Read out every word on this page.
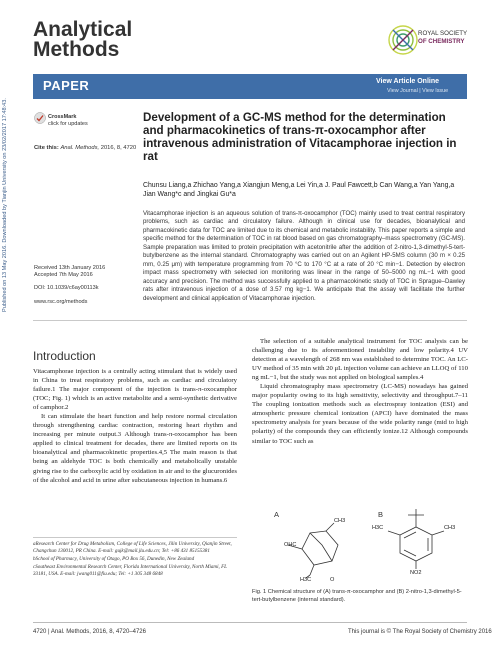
Analytical
Methods
ROYAL SOCIETY
OF CHEMISTRY
PAPER	View Article Online
View Journal | View Issue
Published on 13 May 2016. Downloaded by Tianjin University on 23/02/2017 17:48:43.	CrossMark
click for updates
Cite this: Anal. Methods, 2016, 8, 4720
Development of a GC-MS method for the determination and pharmacokinetics of trans-π-oxocamphor after intravenous administration of Vitacamphorae injection in rat
Chunsu Liang,a Zhichao Yang,a Xiangjun Meng,a Lei Yin,a J. Paul Fawcett,b Can Wang,a Yan Yang,a Jian Wang*c and Jingkai Gu*a
Vitacamphorae injection is an aqueous solution of trans-π-oxocamphor (TOC) mainly used to treat central respiratory problems, such as cardiac and circulatory failure. Although in clinical use for decades, bioanalytical and pharmacokinetic data for TOC are limited due to its chemical and metabolic instability. This paper reports a simple and specific method for the determination of TOC in rat blood based on gas chromatography–mass spectrometry (GC-MS). Sample preparation was limited to protein precipitation with acetonitrile after the addition of 2-nitro-1,3-dimethyl-5-tert-butylbenzene as the internal standard. Chromatography was carried out on an Agilent HP-5MS column (30 m × 0.25 mm, 0.25 μm) with temperature programming from 70 °C to 170 °C at a rate of 20 °C min−1. Detection by electron impact mass spectrometry with selected ion monitoring was linear in the range of 50–5000 ng mL−1 with good accuracy and precision. The method was successfully applied to a pharmacokinetic study of TOC in Sprague–Dawley rats after intravenous injection of a dose of 3.57 mg kg−1. We anticipate that the assay will facilitate the further development and clinical application of Vitacamphorae injection.
Received 13th January 2016
Accepted 7th May 2016
DOI: 10.1039/c6ay00113k
www.rsc.org/methods
Introduction

Vitacamphorae injection is a centrally acting stimulant that is widely used in China to treat respiratory problems, such as cardiac and circulatory failure.1 The major component of the injection is trans-π-oxocamphor (TOC; Fig. 1) which is an active metabolite and a semi-synthetic derivative of camphor.2

It can stimulate the heart function and help restore normal circulation through strengthening cardiac contraction, restoring heart rhythm and increasing per minute output.3 Although trans-π-oxocamphor has been applied to clinical treatment for decades, there are limited reports on its bioanalytical and pharmacokinetic properties.4,5 The main reason is that being an aldehyde TOC is both chemically and metabolically unstable giving rise to the carboxylic acid by oxidation in air and to the glucuronides of the alcohol and acid in urine after subcutaneous injection in humans.6

aResearch Center for Drug Metabolism, College of Life Sciences, Jilin University, Qianjin Street, Changchun 130012, PR China. E-mail: gujk@mail.jlu.edu.cn; Tel: +86 431 85155381

bSchool of Pharmacy, University of Otago, PO Box 56, Dunedin, New Zealand

cSoutheast Environmental Research Center, Florida International University, North Miami, FL 33181, USA. E-mail: jwang011@fiu.edu; Tel: +1 305 348 6848

The selection of a suitable analytical instrument for TOC analysis can be challenging due to its aforementioned instability and low polarity.4 UV detection at a wavelength of 268 nm was established to determine TOC. An LC-UV method of 35 min with 20 μL injection volume can achieve an LLOQ of 110 ng mL−1, but the study was not applied on biological samples.4

Liquid chromatography mass spectrometry (LC-MS) nowadays has gained major popularity owing to its high sensitivity, selectivity and throughput.7–11 The coupling ionization methods such as electrospray ionization (ESI) and atmospheric pressure chemical ionization (APCI) have dominated the mass spectrometry analysis for years because of the wide polarity range (mid to high polarity) of the compounds they can efficiently ionize.12 Although compounds similar to TOC such as

A	B
OHC
CH3
H3C	O
H3C	CH3
NO2
Fig. 1 Chemical structure of (A) trans-π-oxocamphor and (B) 2-nitro-1,3-dimethyl-5-tert-butylbenzene (internal standard).
4720 | Anal. Methods, 2016, 8, 4720–4726	This journal is © The Royal Society of Chemistry 2016
